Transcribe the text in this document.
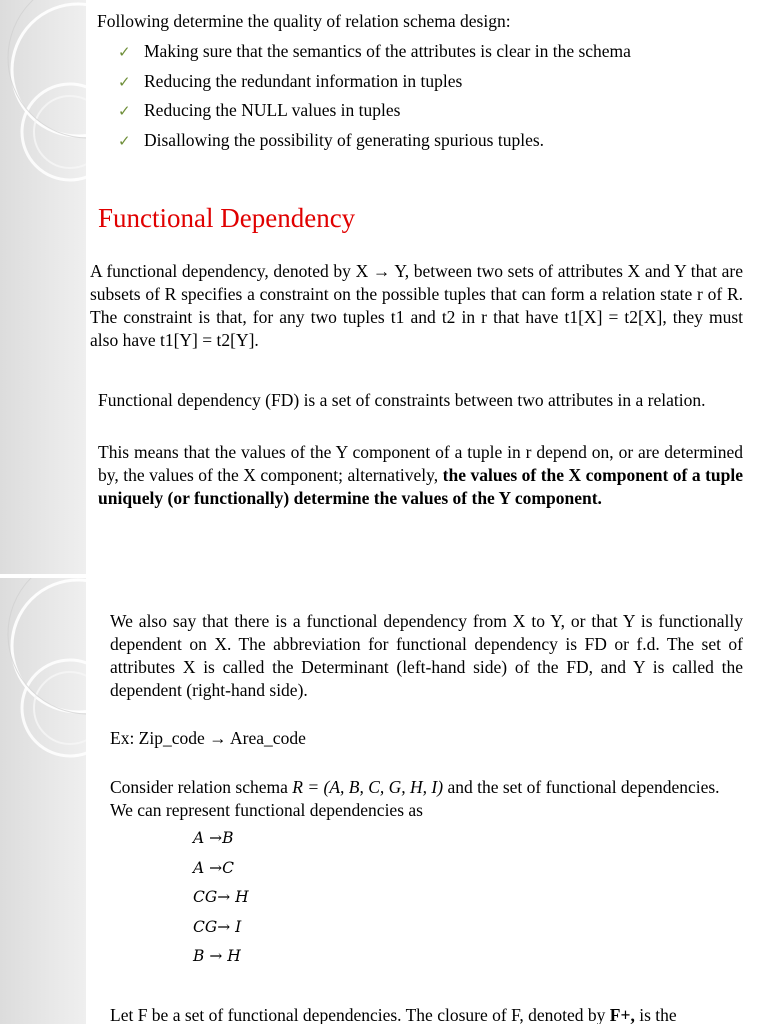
Following determine the quality of relation schema design:
✓ Making sure that the semantics of the attributes is clear in the schema
✓ Reducing the redundant information in tuples
✓ Reducing the NULL values in tuples
✓ Disallowing the possibility of generating spurious tuples.
Functional Dependency
A functional dependency, denoted by X → Y, between two sets of attributes X and Y that are subsets of R specifies a constraint on the possible tuples that can form a relation state r of R. The constraint is that, for any two tuples t1 and t2 in r that have t1[X] = t2[X], they must also have t1[Y] = t2[Y].
Functional dependency (FD) is a set of constraints between two attributes in a relation.
This means that the values of the Y component of a tuple in r depend on, or are determined by, the values of the X component; alternatively, the values of the X component of a tuple uniquely (or functionally) determine the values of the Y component.
We also say that there is a functional dependency from X to Y, or that Y is functionally dependent on X. The abbreviation for functional dependency is FD or f.d. The set of attributes X is called the Determinant (left-hand side) of the FD, and Y is called the dependent (right-hand side).
Ex: Zip_code → Area_code
Consider relation schema R = (A, B, C, G, H, I) and the set of functional dependencies. We can represent functional dependencies as
A →B
A →C
CG→ H
CG→ I
B → H
Let F be a set of functional dependencies. The closure of F, denoted by F+, is the
